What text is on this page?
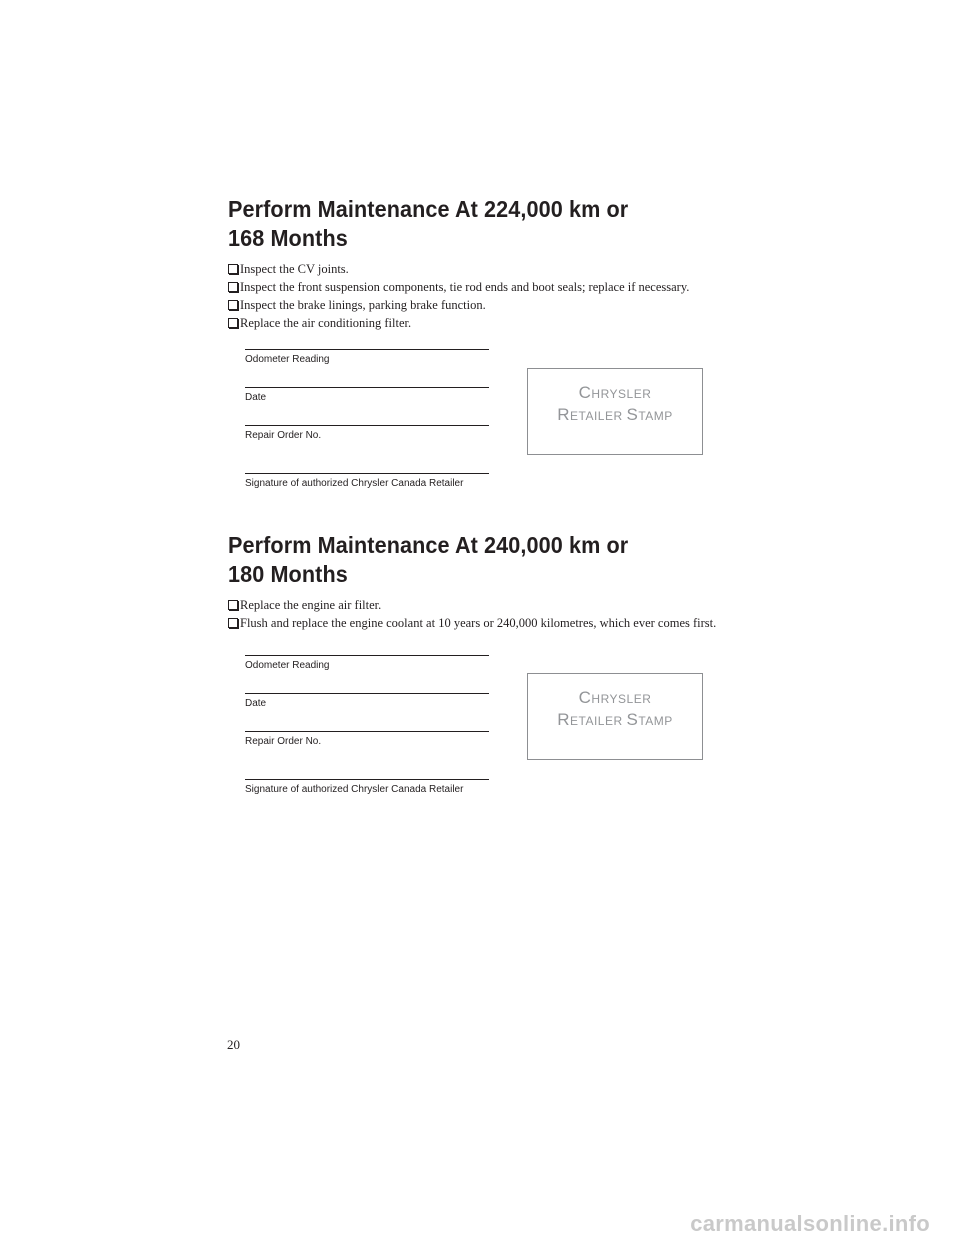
Perform Maintenance At 224,000 km or
168 Months
Inspect the CV joints.
Inspect the front suspension components, tie rod ends and boot seals; replace if necessary.
Inspect the brake linings, parking brake function.
Replace the air conditioning filter.
Odometer Reading
Date
Repair Order No.
Signature of authorized Chrysler Canada Retailer
CHRYSLER
RETAILER STAMP
Perform Maintenance At 240,000 km or
180 Months
Replace the engine air filter.
Flush and replace the engine coolant at 10 years or 240,000 kilometres, which ever comes first.
Odometer Reading
Date
Repair Order No.
Signature of authorized Chrysler Canada Retailer
CHRYSLER
RETAILER STAMP
20
carmanualsonline.info
